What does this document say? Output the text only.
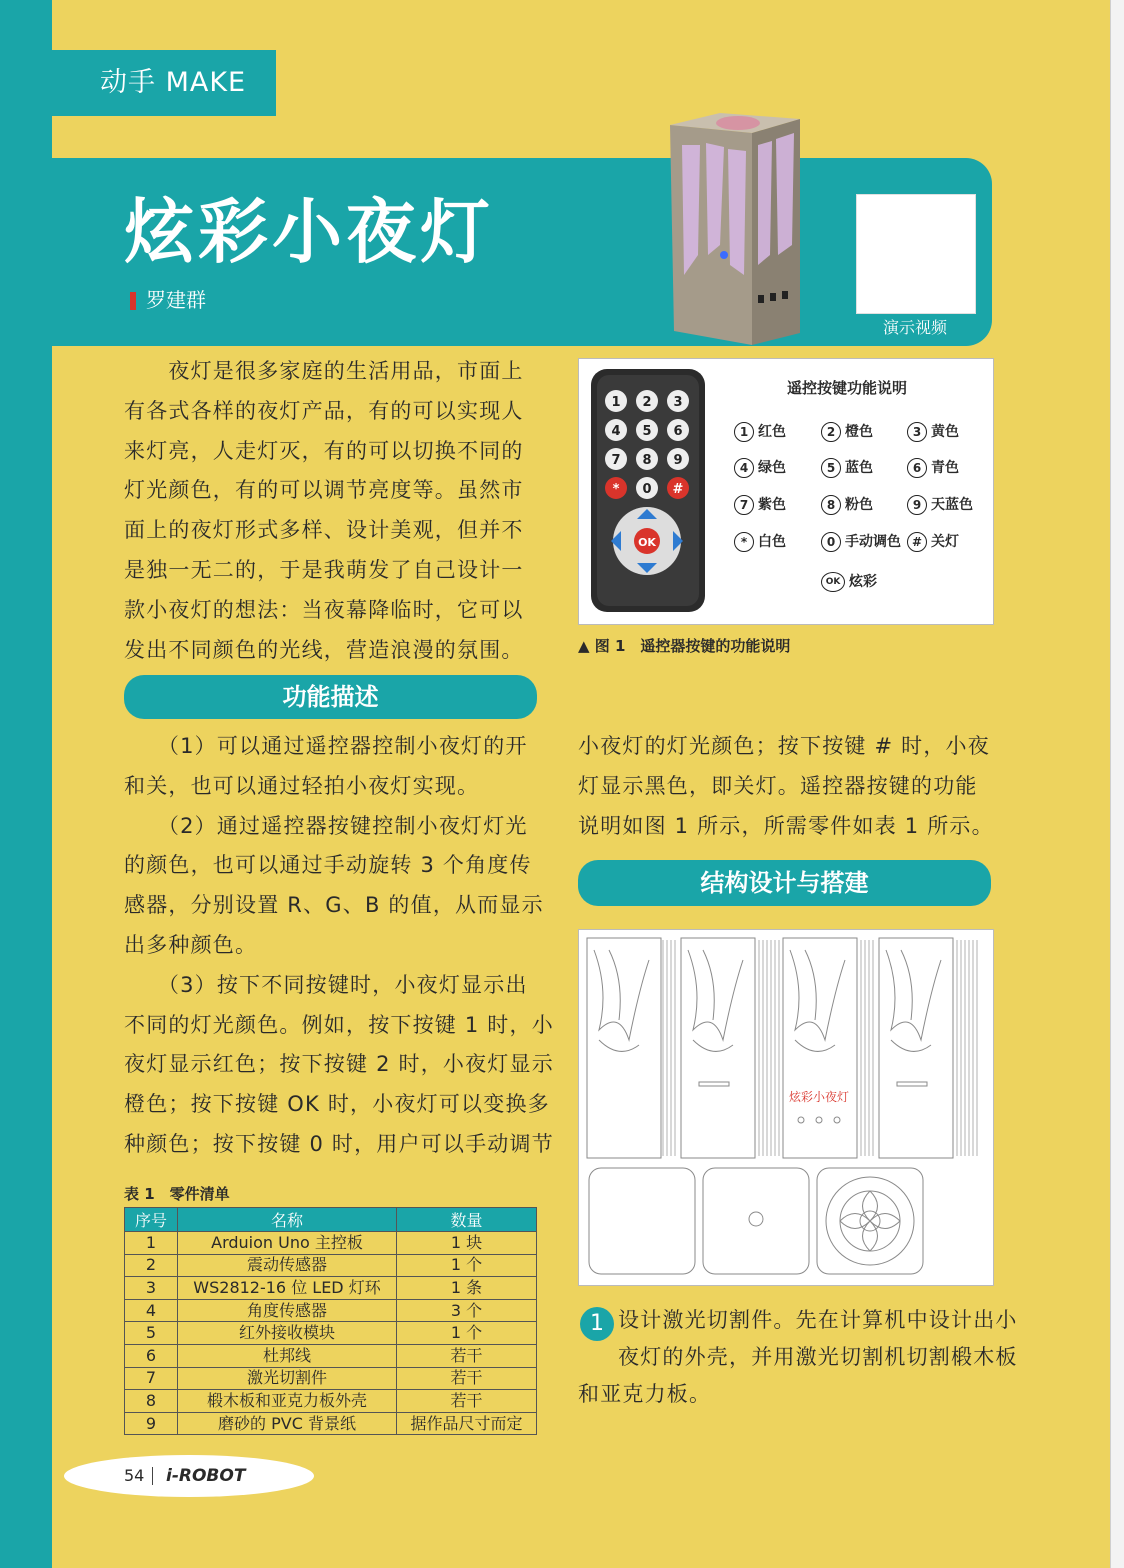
动手 MAKE
炫彩小夜灯
罗建群
演示视频
　　夜灯是很多家庭的生活用品，市面上
有各式各样的夜灯产品，有的可以实现人
来灯亮，人走灯灭，有的可以切换不同的
灯光颜色，有的可以调节亮度等。虽然市
面上的夜灯形式多样、设计美观，但并不
是独一无二的，于是我萌发了自己设计一
款小夜灯的想法：当夜幕降临时，它可以
发出不同颜色的光线，营造浪漫的氛围。
功能描述
　　（1）可以通过遥控器控制小夜灯的开
和关，也可以通过轻拍小夜灯实现。
　　（2）通过遥控器按键控制小夜灯灯光
的颜色，也可以通过手动旋转 3 个角度传
感器，分别设置 R、G、B 的值，从而显示
出多种颜色。
　　（3）按下不同按键时，小夜灯显示出
不同的灯光颜色。例如，按下按键 1 时，小
夜灯显示红色；按下按键 2 时，小夜灯显示
橙色；按下按键 OK 时，小夜灯可以变换多
种颜色；按下按键 0 时，用户可以手动调节
1 2 3
4 5 6
7 8 9
* 0 #
OK
遥控按键功能说明
1 红色	2 橙色	3 黄色
4 绿色	5 蓝色	6 青色
7 紫色	8 粉色	9 天蓝色
* 白色	0 手动调色 # 关灯
OK 炫彩
▲ 图 1　遥控器按键的功能说明
小夜灯的灯光颜色；按下按键 # 时，小夜
灯显示黑色，即关灯。遥控器按键的功能
说明如图 1 所示，所需零件如表 1 所示。
结构设计与搭建
炫彩小夜灯
1 设计激光切割件。先在计算机中设计出小
夜灯的外壳，并用激光切割机切割椴木板
和亚克力板。
表 1　零件清单
序号	名称	数量
1	Arduion Uno 主控板	1 块
2	震动传感器	1 个
3	WS2812-16 位 LED 灯环	1 条
4	角度传感器	3 个
5	红外接收模块	1 个
6	杜邦线	若干
7	激光切割件	若干
8	椴木板和亚克力板外壳	若干
9	磨砂的 PVC 背景纸	据作品尺寸而定
54 i-ROBOT
